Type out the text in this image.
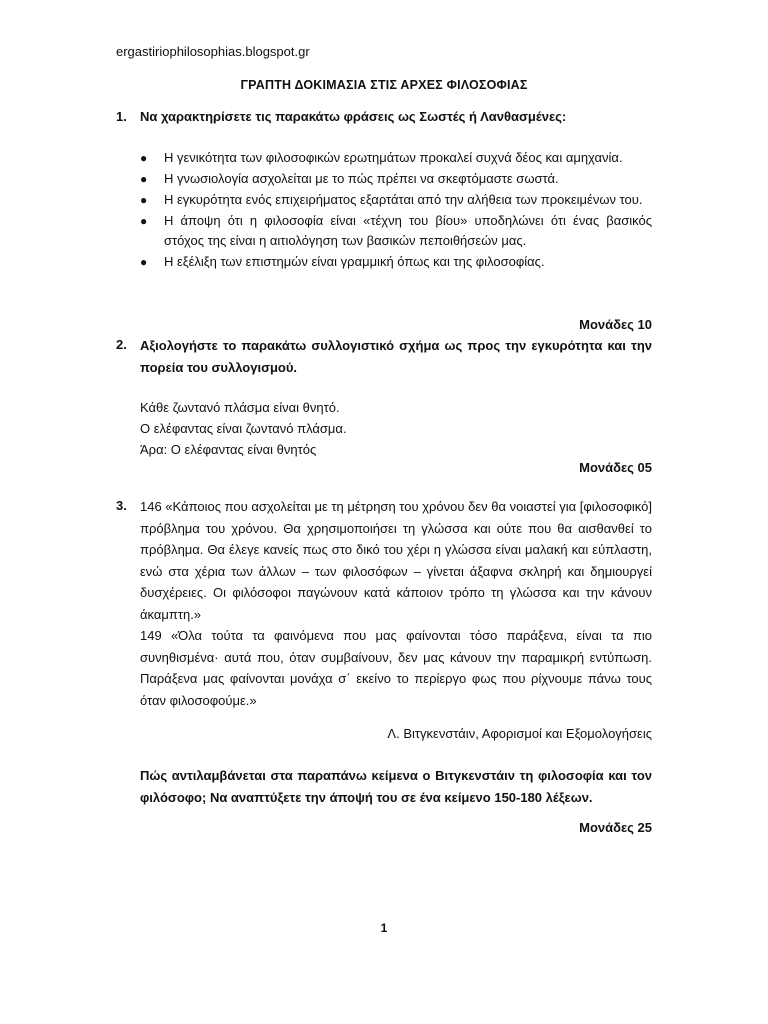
ergastiriophilosophias.blogspot.gr
ΓΡΑΠΤΗ ΔΟΚΙΜΑΣΙΑ ΣΤΙΣ ΑΡΧΕΣ ΦΙΛΟΣΟΦΙΑΣ
1. Να χαρακτηρίσετε τις παρακάτω φράσεις ως Σωστές ή Λανθασμένες:
● Η γενικότητα των φιλοσοφικών ερωτημάτων προκαλεί συχνά δέος και αμηχανία.
● Η γνωσιολογία ασχολείται με το πώς πρέπει να σκεφτόμαστε σωστά.
● Η εγκυρότητα ενός επιχειρήματος εξαρτάται από την αλήθεια των προκειμένων του.
● Η άποψη ότι η φιλοσοφία είναι «τέχνη του βίου» υποδηλώνει ότι ένας βασικός στόχος της είναι η αιτιολόγηση των βασικών πεποιθήσεών μας.
● Η εξέλιξη των επιστημών είναι γραμμική όπως και της φιλοσοφίας.
Μονάδες 10
2. Αξιολογήστε το παρακάτω συλλογιστικό σχήμα ως προς την εγκυρότητα και την πορεία του συλλογισμού.
Κάθε ζωντανό πλάσμα είναι θνητό.
Ο ελέφαντας είναι ζωντανό πλάσμα.
Άρα: Ο ελέφαντας είναι θνητός
Μονάδες 05
3. 146 «Κάποιος που ασχολείται με τη μέτρηση του χρόνου δεν θα νοιαστεί για [φιλοσοφικό] πρόβλημα του χρόνου. Θα χρησιμοποιήσει τη γλώσσα και ούτε που θα αισθανθεί το πρόβλημα. Θα έλεγε κανείς πως στο δικό του χέρι η γλώσσα είναι μαλακή και εύπλαστη, ενώ στα χέρια των άλλων – των φιλοσόφων – γίνεται άξαφνα σκληρή και δημιουργεί δυσχέρειες. Οι φιλόσοφοι παγώνουν κατά κάποιον τρόπο τη γλώσσα και την κάνουν άκαμπτη.»
149 «Όλα τούτα τα φαινόμενα που μας φαίνονται τόσο παράξενα, είναι τα πιο συνηθισμένα· αυτά που, όταν συμβαίνουν, δεν μας κάνουν την παραμικρή εντύπωση. Παράξενα μας φαίνονται μονάχα σ΄ εκείνο το περίεργο φως που ρίχνουμε πάνω τους όταν φιλοσοφούμε.»
Λ. Βιτγκενστάιν, Αφορισμοί και Εξομολογήσεις
Πώς αντιλαμβάνεται στα παραπάνω κείμενα ο Βιτγκενστάιν τη φιλοσοφία και τον φιλόσοφο; Να αναπτύξετε την άποψή του σε ένα κείμενο 150-180 λέξεων.
Μονάδες 25
1
